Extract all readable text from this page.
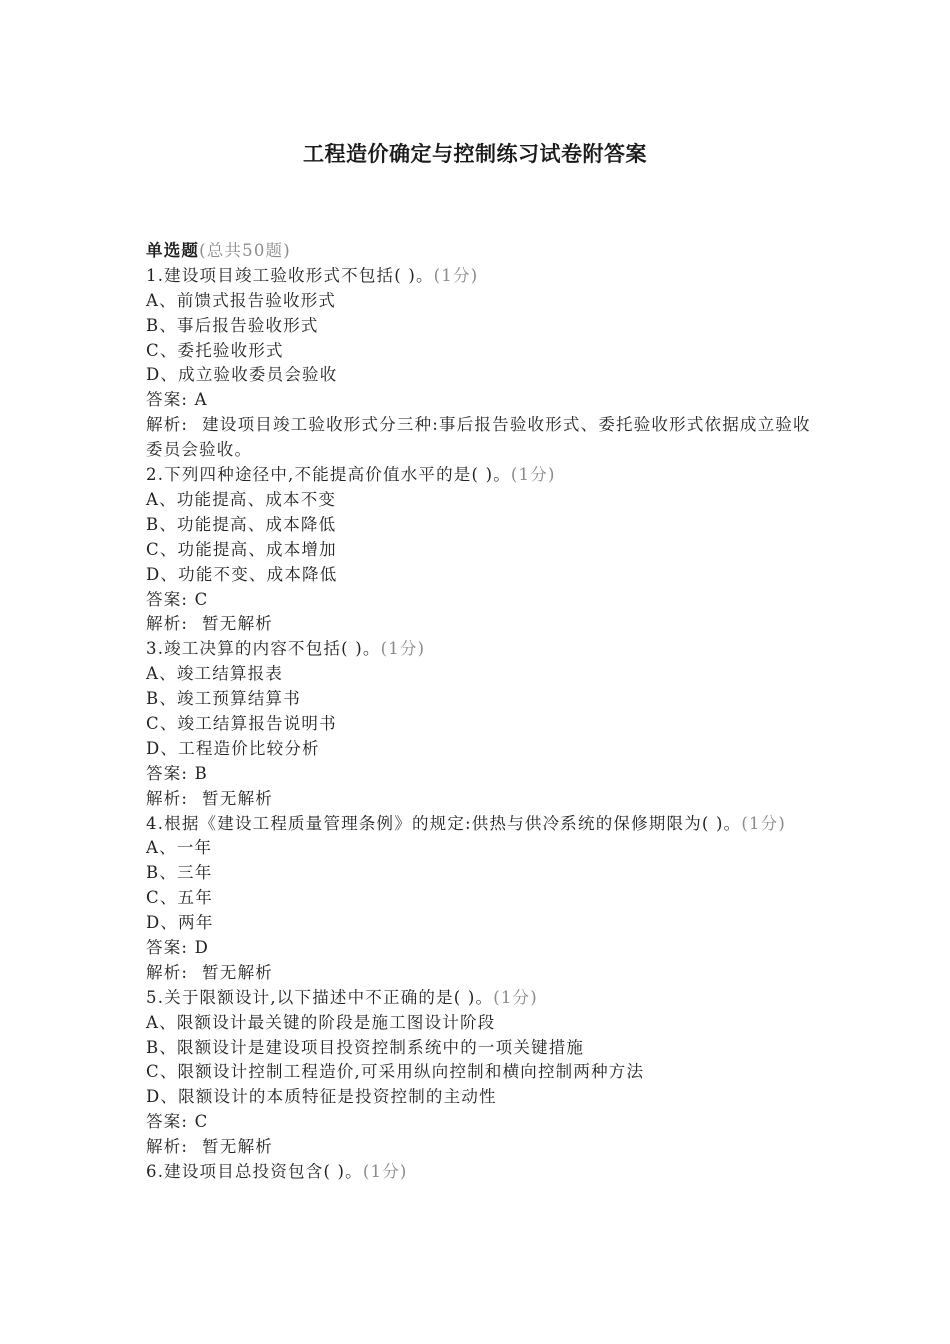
工程造价确定与控制练习试卷附答案
单选题(总共50题)
1.建设项目竣工验收形式不包括( )。(1分)
A、前馈式报告验收形式
B、事后报告验收形式
C、委托验收形式
D、成立验收委员会验收
答案: A
解析: 建设项目竣工验收形式分三种:事后报告验收形式、委托验收形式依据成立验收委员会验收。
2.下列四种途径中,不能提高价值水平的是( )。(1分)
A、功能提高、成本不变
B、功能提高、成本降低
C、功能提高、成本增加
D、功能不变、成本降低
答案: C
解析: 暂无解析
3.竣工决算的内容不包括( )。(1分)
A、竣工结算报表
B、竣工预算结算书
C、竣工结算报告说明书
D、工程造价比较分析
答案: B
解析: 暂无解析
4.根据《建设工程质量管理条例》的规定:供热与供冷系统的保修期限为( )。(1分)
A、一年
B、三年
C、五年
D、两年
答案: D
解析: 暂无解析
5.关于限额设计,以下描述中不正确的是( )。(1分)
A、限额设计最关键的阶段是施工图设计阶段
B、限额设计是建设项目投资控制系统中的一项关键措施
C、限额设计控制工程造价,可采用纵向控制和横向控制两种方法
D、限额设计的本质特征是投资控制的主动性
答案: C
解析: 暂无解析
6.建设项目总投资包含( )。(1分)
